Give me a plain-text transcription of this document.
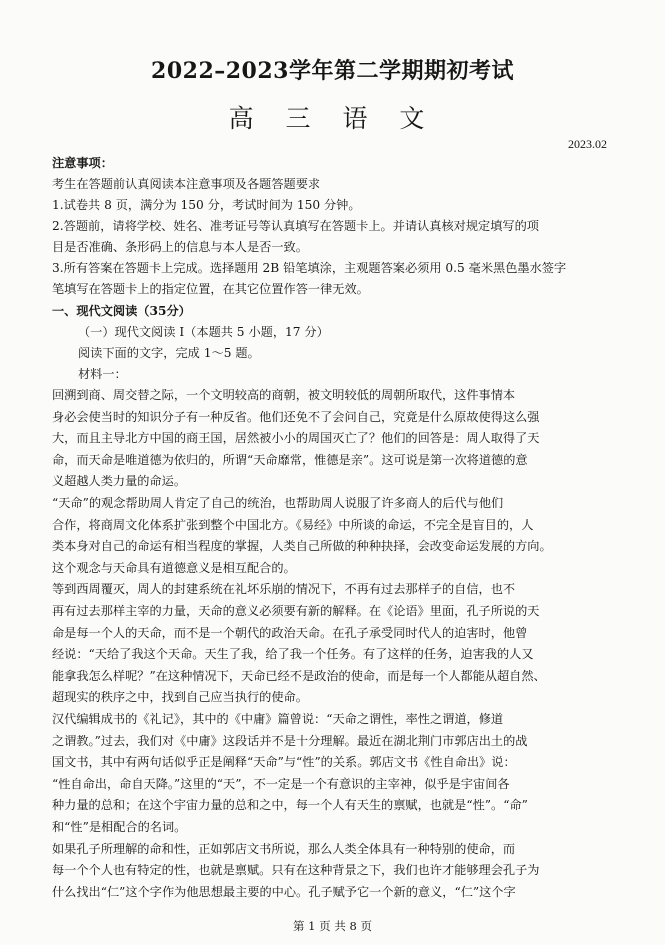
2022–2023学年第二学期期初考试
高 三 语 文
2023.02
注意事项：
考生在答题前认真阅读本注意事项及各题答题要求
1.试卷共 8 页，满分为 150 分，考试时间为 150 分钟。
2.答题前，请将学校、姓名、准考证号等认真填写在答题卡上。并请认真核对规定填写的项
目是否准确、条形码上的信息与本人是否一致。
3.所有答案在答题卡上完成。选择题用 2B 铅笔填涂，主观题答案必须用 0.5 毫米黑色墨水签字
笔填写在答题卡上的指定位置，在其它位置作答一律无效。
一、现代文阅读（35分）
（一）现代文阅读 I（本题共 5 小题，17 分）
阅读下面的文字，完成 1～5 题。
材料一：
回溯到商、周交替之际，一个文明较高的商朝，被文明较低的周朝所取代，这件事情本
身必会使当时的知识分子有一种反省。他们还免不了会问自己，究竟是什么原故使得这么强
大，而且主导北方中国的商王国，居然被小小的周国灭亡了？他们的回答是：周人取得了天
命，而天命是唯道德为依归的，所谓“天命靡常，惟德是亲”。这可说是第一次将道德的意
义超越人类力量的命运。
“天命”的观念帮助周人肯定了自己的统治，也帮助周人说服了许多商人的后代与他们
合作，将商周文化体系扩张到整个中国北方。《易经》中所谈的命运，不完全是盲目的，人
类本身对自己的命运有相当程度的掌握，人类自己所做的种种抉择，会改变命运发展的方向。
这个观念与天命具有道德意义是相互配合的。
等到西周覆灭，周人的封建系统在礼坏乐崩的情况下，不再有过去那样子的自信，也不
再有过去那样主宰的力量，天命的意义必须要有新的解释。在《论语》里面，孔子所说的天
命是每一个人的天命，而不是一个朝代的政治天命。在孔子承受同时代人的迫害时，他曾
经说：“天给了我这个天命。天生了我，给了我一个任务。有了这样的任务，迫害我的人又
能拿我怎么样呢？”在这种情况下，天命已经不是政治的使命，而是每一个人都能从超自然、
超现实的秩序之中，找到自己应当执行的使命。
汉代编辑成书的《礼记》，其中的《中庸》篇曾说：“天命之谓性，率性之谓道，修道
之谓教。”过去，我们对《中庸》这段话并不是十分理解。最近在湖北荆门市郭店出土的战
国文书，其中有两句话似乎正是阐释“天命”与“性”的关系。郭店文书《性自命出》说：
“性自命出，命自天降。”这里的“天”，不一定是一个有意识的主宰神，似乎是宇宙间各
种力量的总和；在这个宇宙力量的总和之中，每一个人有天生的禀赋，也就是“性”。“命”
和“性”是相配合的名词。
如果孔子所理解的命和性，正如郭店文书所说，那么人类全体具有一种特别的使命，而
每一个个人也有特定的性，也就是禀赋。只有在这种背景之下，我们也许才能够理会孔子为
什么找出“仁”这个字作为他思想最主要的中心。孔子赋予它一个新的意义，“仁”这个字
第 1 页 共 8 页
